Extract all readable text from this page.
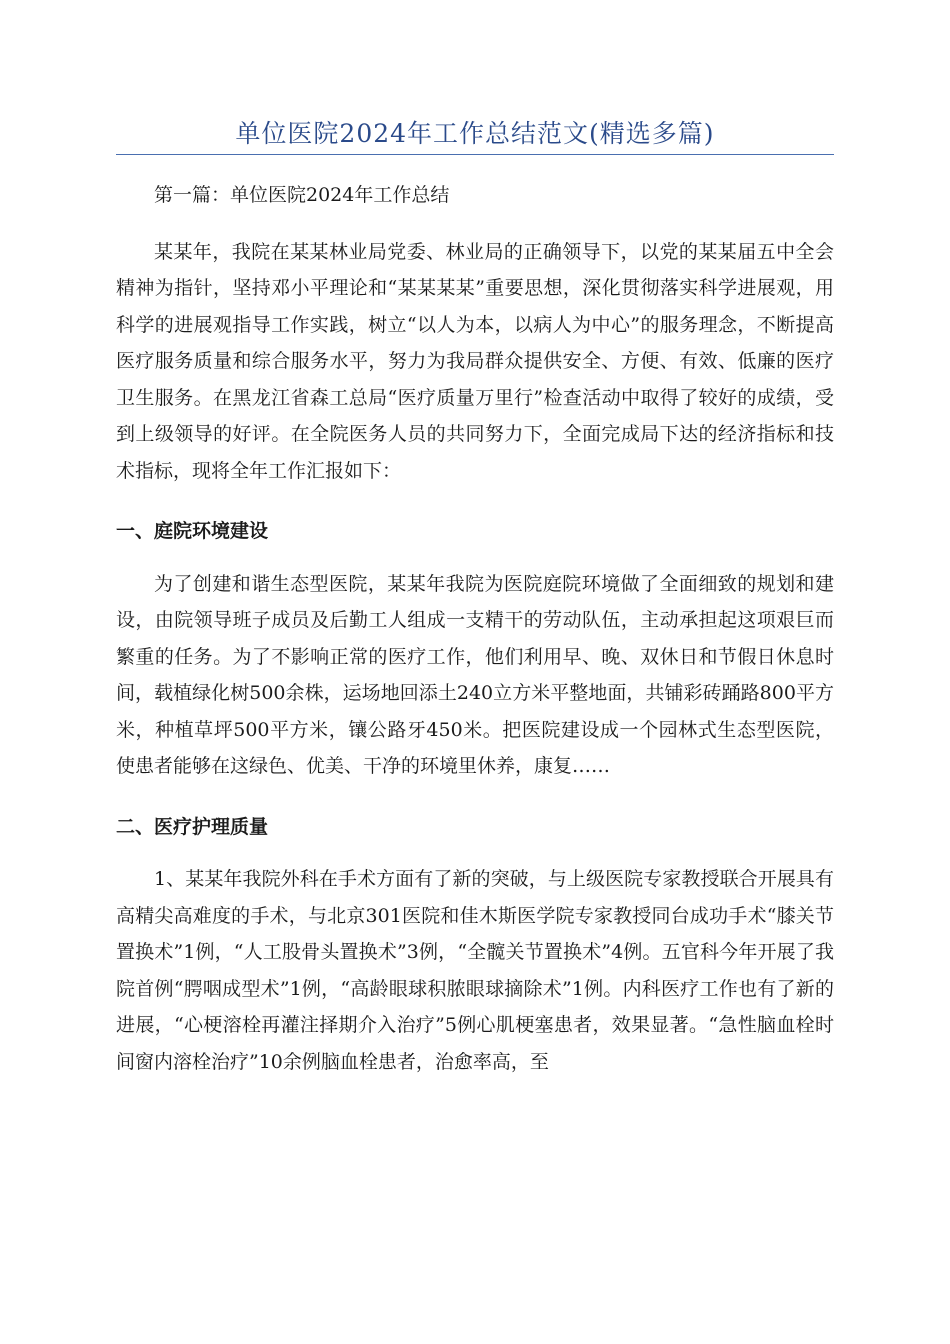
单位医院2024年工作总结范文(精选多篇)

第一篇：单位医院2024年工作总结

某某年，我院在某某林业局党委、林业局的正确领导下，以党的某某届五中全会精神为指针，坚持邓小平理论和“某某某某”重要思想，深化贯彻落实科学进展观，用科学的进展观指导工作实践，树立“以人为本，以病人为中心”的服务理念，不断提高医疗服务质量和综合服务水平，努力为我局群众提供安全、方便、有效、低廉的医疗卫生服务。在黑龙江省森工总局“医疗质量万里行”检查活动中取得了较好的成绩，受到上级领导的好评。在全院医务人员的共同努力下，全面完成局下达的经济指标和技术指标，现将全年工作汇报如下：

一、庭院环境建设

为了创建和谐生态型医院，某某年我院为医院庭院环境做了全面细致的规划和建设，由院领导班子成员及后勤工人组成一支精干的劳动队伍，主动承担起这项艰巨而繁重的任务。为了不影响正常的医疗工作，他们利用早、晚、双休日和节假日休息时间，载植绿化树500余株，运场地回添土240立方米平整地面，共铺彩砖踊路800平方米，种植草坪500平方米，镶公路牙450米。把医院建设成一个园林式生态型医院，使患者能够在这绿色、优美、干净的环境里休养，康复……

二、医疗护理质量

1、某某年我院外科在手术方面有了新的突破，与上级医院专家教授联合开展具有高精尖高难度的手术，与北京301医院和佳木斯医学院专家教授同台成功手术“膝关节置换术”1例，“人工股骨头置换术”3例，“全髋关节置换术”4例。五官科今年开展了我院首例“腭咽成型术”1例，“高龄眼球积脓眼球摘除术”1例。内科医疗工作也有了新的进展，“心梗溶栓再灌注择期介入治疗”5例心肌梗塞患者，效果显著。“急性脑血栓时间窗内溶栓治疗”10余例脑血栓患者，治愈率高，至
